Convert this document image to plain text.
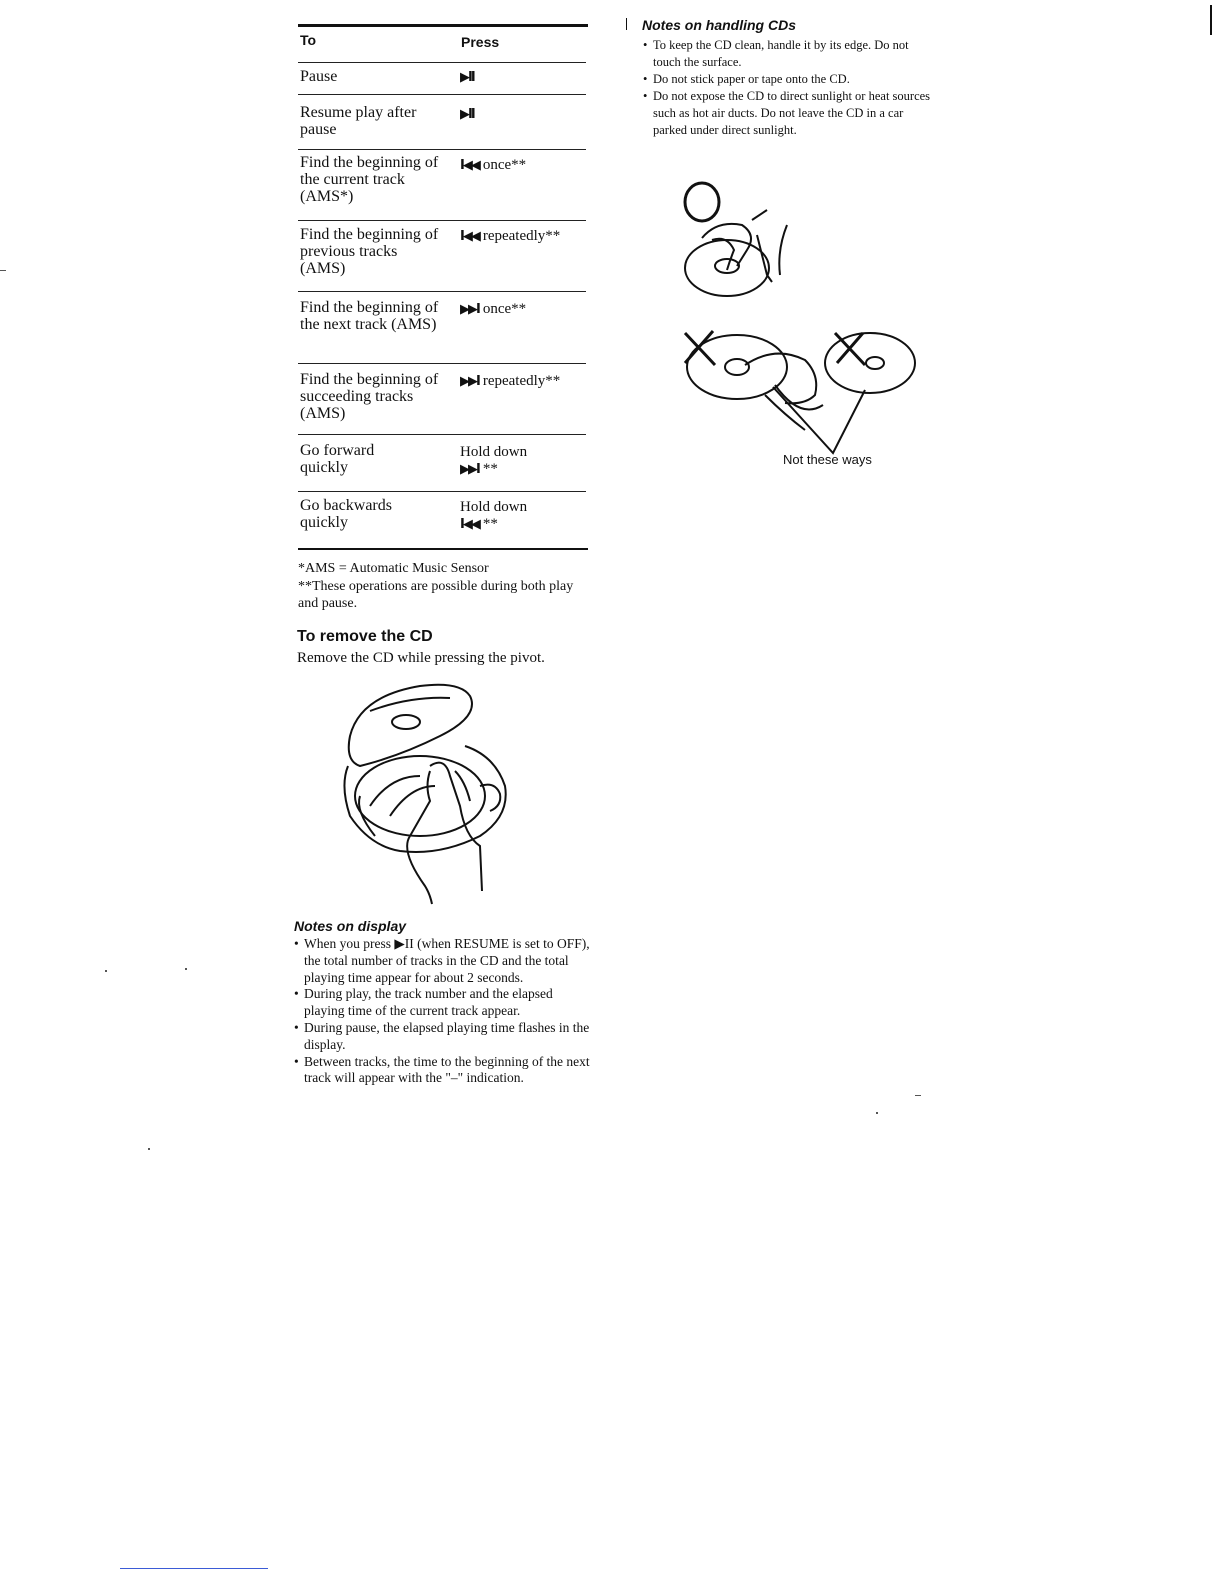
To	Press
Pause	▶II
Resume play after pause
▶II
Find the beginning of the current track (AMS*)
I◀◀ once**
Find the beginning of previous tracks (AMS)
I◀◀ repeatedly**
Find the beginning of the next track (AMS)
▶▶I once**
Find the beginning of succeeding tracks (AMS)
▶▶I repeatedly**
Go forward quickly
Hold down
▶▶I **
Go backwards quickly
Hold down
I◀◀ **
*AMS = Automatic Music Sensor
**These operations are possible during both play and pause.
To remove the CD
Remove the CD while pressing the pivot.
Notes on display
• When you press ▶II (when RESUME is set to OFF), the total number of tracks in the CD and the total playing time appear for about 2 seconds.
• During play, the track number and the elapsed playing time of the current track appear.
• During pause, the elapsed playing time flashes in the display.
• Between tracks, the time to the beginning of the next track will appear with the "–" indication.
Notes on handling CDs
• To keep the CD clean, handle it by its edge. Do not touch the surface.
• Do not stick paper or tape onto the CD.
• Do not expose the CD to direct sunlight or heat sources such as hot air ducts. Do not leave the CD in a car parked under direct sunlight.
Not these ways
